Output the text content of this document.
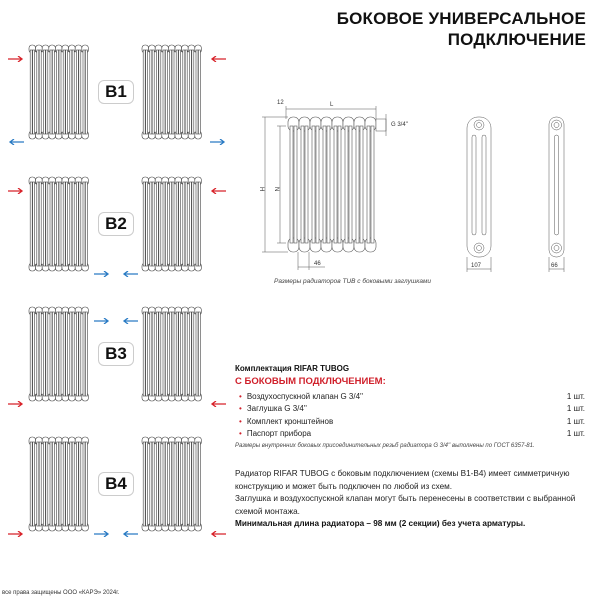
БОКОВОЕ УНИВЕРСАЛЬНОЕ
ПОДКЛЮЧЕНИЕ
B1
B2
B3
B4
12	L
H N
46
G 3/4''
107	66
Размеры радиаторов TUB с боковыми заглушками
Комплектация RIFAR TUBOG
С БОКОВЫМ ПОДКЛЮЧЕНИЕМ:
• Воздухоспускной клапан G 3/4''	1 шт.
• Заглушка G 3/4''	1 шт.
• Комплект кронштейнов	1 шт.
• Паспорт прибора	1 шт.
Размеры внутренних боковых присоединительных резьб радиатора G 3/4'' выполнены по ГОСТ 6357-81.
Радиатор RIFAR TUBOG с боковым подключением (схемы B1-B4) имеет симметричную конструкцию и может быть подключен по любой из схем.
Заглушка и воздухоспускной клапан могут быть перенесены в соответствии с выбранной схемой монтажа.
Минимальная длина радиатора – 98 мм (2 секции) без учета арматуры.
все права защищены ООО «КАРЭ» 2024г.
